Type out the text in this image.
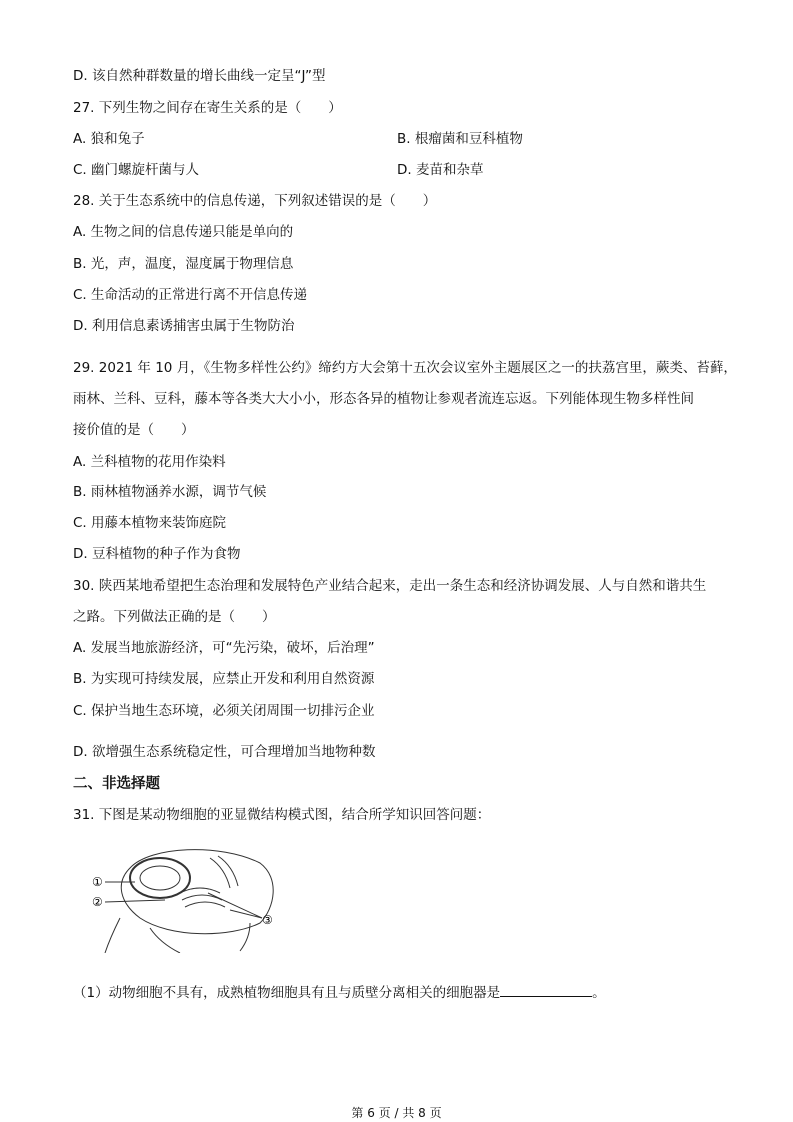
D. 该自然种群数量的增长曲线一定呈“J”型
27. 下列生物之间存在寄生关系的是（　　）
A. 狼和兔子	B. 根瘤菌和豆科植物
C. 幽门螺旋杆菌与人	D. 麦苗和杂草
28. 关于生态系统中的信息传递，下列叙述错误的是（　　）
A. 生物之间的信息传递只能是单向的
B. 光，声，温度，湿度属于物理信息
C. 生命活动的正常进行离不开信息传递
D. 利用信息素诱捕害虫属于生物防治
29. 2021 年 10 月，《生物多样性公约》缔约方大会第十五次会议室外主题展区之一的扶荔宫里，蕨类、苔藓，
雨林、兰科、豆科，藤本等各类大大小小，形态各异的植物让参观者流连忘返。下列能体现生物多样性间
接价值的是（　　）
A. 兰科植物的花用作染料
B. 雨林植物涵养水源，调节气候
C. 用藤本植物来装饰庭院
D. 豆科植物的种子作为食物
30. 陕西某地希望把生态治理和发展特色产业结合起来，走出一条生态和经济协调发展、人与自然和谐共生
之路。下列做法正确的是（　　）
A. 发展当地旅游经济，可“先污染，破坏，后治理”
B. 为实现可持续发展，应禁止开发和利用自然资源
C. 保护当地生态环境，必须关闭周围一切排污企业
D. 欲增强生态系统稳定性，可合理增加当地物种数
二、非选择题
31. 下图是某动物细胞的亚显微结构模式图，结合所学知识回答问题：
①
②
③
（1）动物细胞不具有，成熟植物细胞具有且与质壁分离相关的细胞器是	。
第 6 页 / 共 8 页
